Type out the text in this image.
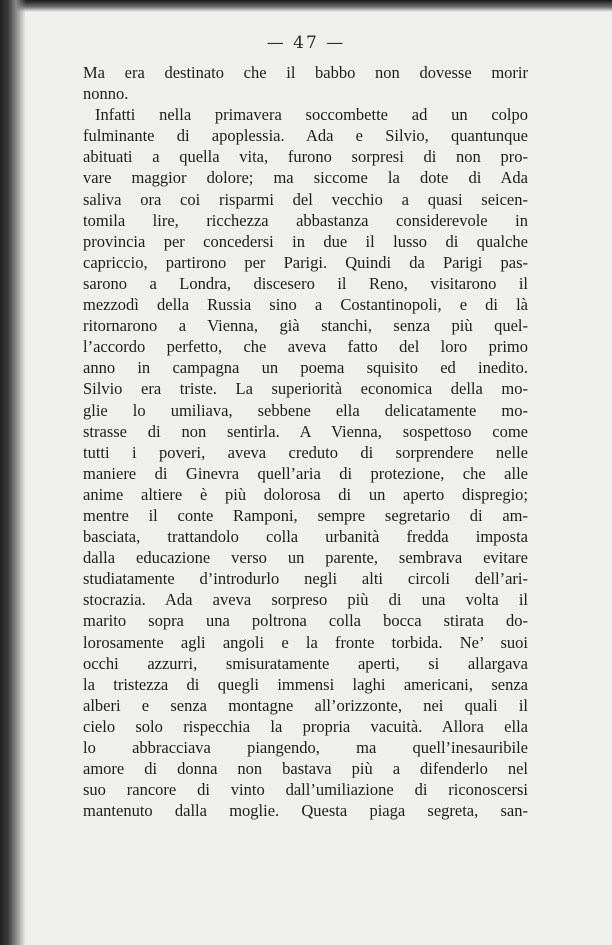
— 47 —
Ma era destinato che il babbo non dovesse morir
nonno.
Infatti nella primavera soccombette ad un colpo
fulminante di apoplessia. Ada e Silvio, quantunque
abituati a quella vita, furono sorpresi di non pro-
vare maggior dolore; ma siccome la dote di Ada
saliva ora coi risparmi del vecchio a quasi seicen-
tomila lire, ricchezza abbastanza considerevole in
provincia per concedersi in due il lusso di qualche
capriccio, partirono per Parigi. Quindi da Parigi pas-
sarono a Londra, discesero il Reno, visitarono il
mezzodì della Russia sino a Costantinopoli, e di là
ritornarono a Vienna, già stanchi, senza più quel-
l’accordo perfetto, che aveva fatto del loro primo
anno in campagna un poema squisito ed inedito.
Silvio era triste. La superiorità economica della mo-
glie lo umiliava, sebbene ella delicatamente mo-
strasse di non sentirla. A Vienna, sospettoso come
tutti i poveri, aveva creduto di sorprendere nelle
maniere di Ginevra quell’aria di protezione, che alle
anime altiere è più dolorosa di un aperto dispregio;
mentre il conte Ramponi, sempre segretario di am-
basciata, trattandolo colla urbanità fredda imposta
dalla educazione verso un parente, sembrava evitare
studiatamente d’introdurlo negli alti circoli dell’ari-
stocrazia. Ada aveva sorpreso più di una volta il
marito sopra una poltrona colla bocca stirata do-
lorosamente agli angoli e la fronte torbida. Ne’ suoi
occhi azzurri, smisuratamente aperti, si allargava
la tristezza di quegli immensi laghi americani, senza
alberi e senza montagne all’orizzonte, nei quali il
cielo solo rispecchia la propria vacuità. Allora ella
lo abbracciava piangendo, ma quell’inesauribile
amore di donna non bastava più a difenderlo nel
suo rancore di vinto dall’umiliazione di riconoscersi
mantenuto dalla moglie. Questa piaga segreta, san-
